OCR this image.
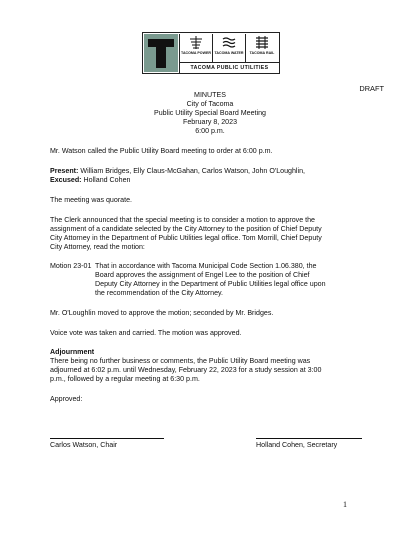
TACOMA POWER TACOMA WATER	TACOMA RAIL
TACOMA PUBLIC UTILITIES
DRAFT
MINUTES
City of Tacoma
Public Utility Special Board Meeting
February 8, 2023
6:00 p.m.
Mr. Watson called the Public Utility Board meeting to order at 6:00 p.m.
Present: William Bridges, Elly Claus-McGahan, Carlos Watson, John O'Loughlin,
Excused: Holland Cohen
The meeting was quorate.
The Clerk announced that the special meeting is to consider a motion to approve the
assignment of a candidate selected by the City Attorney to the position of Chief Deputy
City Attorney in the Department of Public Utilities legal office. Tom Morrill, Chief Deputy
City Attorney, read the motion:
Motion 23-01 That in accordance with Tacoma Municipal Code Section 1.06.380, the
Board approves the assignment of Engel Lee to the position of Chief
Deputy City Attorney in the Department of Public Utilities legal office upon
the recommendation of the City Attorney.
Mr. O'Loughlin moved to approve the motion; seconded by Mr. Bridges.
Voice vote was taken and carried. The motion was approved.
Adjournment
There being no further business or comments, the Public Utility Board meeting was
adjourned at 6:02 p.m. until Wednesday, February 22, 2023 for a study session at 3:00
p.m., followed by a regular meeting at 6:30 p.m.
Approved:
Carlos Watson, Chair	Holland Cohen, Secretary
1
